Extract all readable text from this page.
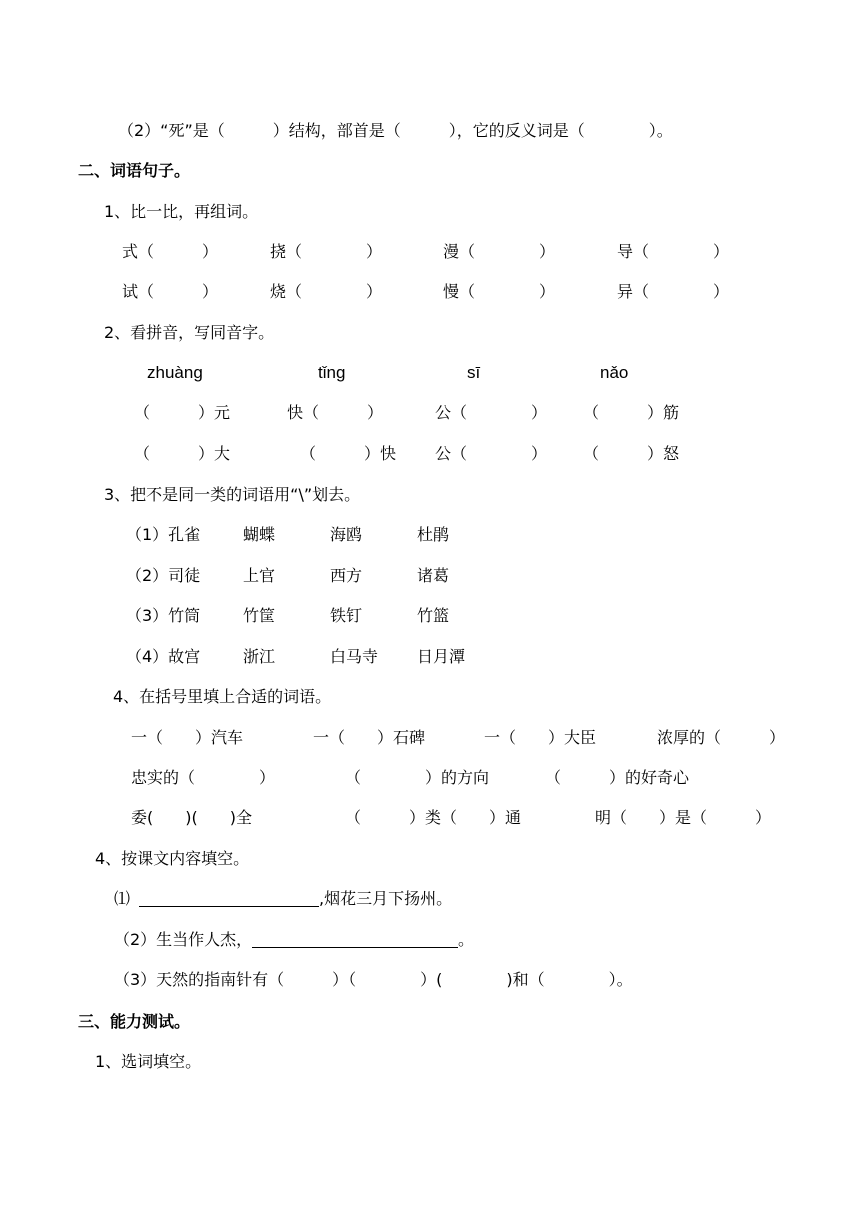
（2）“死”是（　　　）结构，部首是（　　　），它的反义词是（　　　　）。
二、词语句子。
1、比一比，再组词。
式（　　　）	挠（　　　　）	漫（　　　　）	导（　　　　）
试（　　　）	烧（　　　　）	慢（　　　　）	异（　　　　）
2、看拼音，写同音字。
zhuàng	tǐng	sī	nǎo
（　　　）元	快（　　　）	公（　　　　） （　　　）筋
（　　　）大	（　　　）快 公（　　　　） （　　　）怒
3、把不是同一类的词语用“\”划去。
（1）孔雀	蝴蝶	海鸥	杜鹃
（2）司徒	上官	西方	诸葛
（3）竹筒	竹筐	铁钉	竹篮
（4）故宫	浙江	白马寺 日月潭
4、在括号里填上合适的词语。
一（　　）汽车	一（　　）石碑	一（　　）大臣	浓厚的（　　　）
忠实的（　　　　）	（　　　　）的方向	（　　　）的好奇心
委(　　)(　　)全	（　　　）类（　　）通	明（　　）是（　　　）
4、按课文内容填空。
⑴	,烟花三月下扬州。
（2）生当作人杰，	。
（3）天然的指南针有（　　　）（　　　　）(　　　　)和（　　　　）。
三、能力测试。
1、选词填空。
